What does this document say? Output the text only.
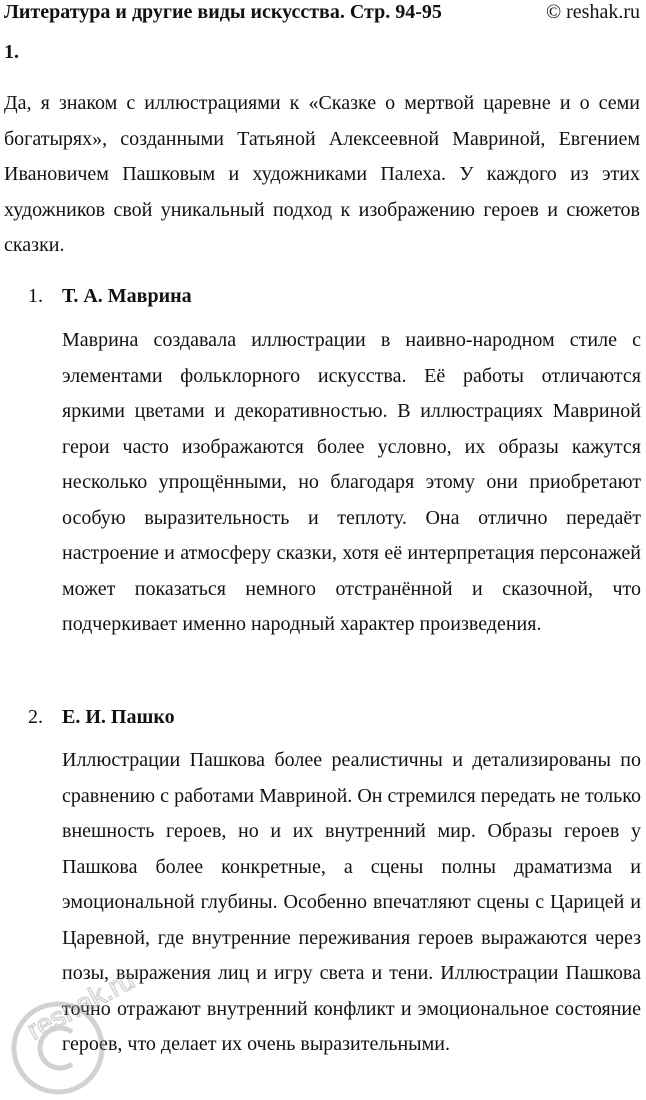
Литература и другие виды искусства. Стр. 94-95	© reshak.ru
1.

Да, я знаком с иллюстрациями к «Сказке о мертвой царевне и о семи богатырях», созданными Татьяной Алексеевной Мавриной, Евгением Ивановичем Пашковым и художниками Палеха. У каждого из этих художников свой уникальный подход к изображению героев и сюжетов сказки.

1. Т. А. Маврина

Маврина создавала иллюстрации в наивно-народном стиле с элементами фольклорного искусства. Её работы отличаются яркими цветами и декоративностью. В иллюстрациях Мавриной герои часто изображаются более условно, их образы кажутся несколько упрощёнными, но благодаря этому они приобретают особую выразительность и теплоту. Она отлично передаёт настроение и атмосферу сказки, хотя её интерпретация персонажей может показаться немного отстранённой и сказочной, что подчеркивает именно народный характер произведения.

2. Е. И. Пашко

Иллюстрации Пашкова более реалистичны и детализированы по сравнению с работами Мавриной. Он стремился передать не только внешность героев, но и их внутренний мир. Образы героев у Пашкова более конкретные, а сцены полны драматизма и эмоциональной глубины. Особенно впечатляют сцены с Царицей и Царевной, где внутренние переживания героев выражаются через позы, выражения лиц и игру света и тени. Иллюстрации Пашкова точно отражают внутренний конфликт и эмоциональное состояние героев, что делает их очень выразительными.

reshak.ru
